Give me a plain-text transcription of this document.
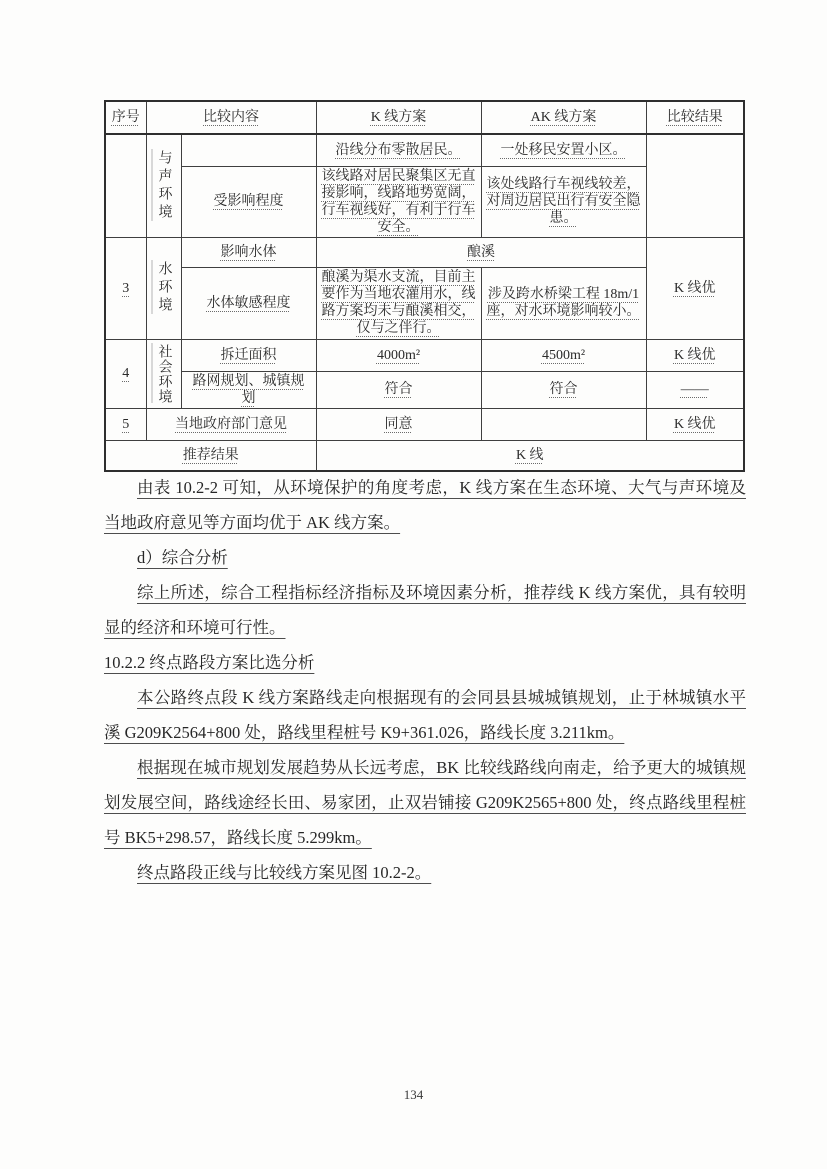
序号	比较内容		K 线方案	AK 线方案	比较结果

	与声环境		沿线分布零散居民。	一处移民安置小区。	
		受影响程度	该线路对居民聚集区无直接影响，线路地势宽阔，行车视线好，有利于行车安全。	该处线路行车视线较差，对周边居民出行有安全隐患。	
3	水环境	影响水体	酿溪		K 线优
		水体敏感程度	酿溪为渠水支流，目前主要作为当地农灌用水，线路方案均未与酿溪相交，仅与之伴行。	涉及跨水桥梁工程 18m/1 座，对水环境影响较小。	
4	社会环境	拆迁面积	4000m²	4500m²	K 线优
		路网规划、城镇规划	符合	符合	——
5	当地政府部门意见		同意		K 线优
推荐结果			K 线		

由表 10.2-2 可知，从环境保护的角度考虑，K 线方案在生态环境、大气与声环境及当地政府意见等方面均优于 AK 线方案。

d）综合分析

综上所述，综合工程指标经济指标及环境因素分析，推荐线 K 线方案优，具有较明显的经济和环境可行性。

10.2.2 终点路段方案比选分析

本公路终点段 K 线方案路线走向根据现有的会同县县城城镇规划，止于林城镇水平溪 G209K2564+800 处，路线里程桩号 K9+361.026，路线长度 3.211km。

根据现在城市规划发展趋势从长远考虑，BK 比较线路线向南走，给予更大的城镇规划发展空间，路线途经长田、易家团，止双岩铺接 G209K2565+800 处，终点路线里程桩号 BK5+298.57，路线长度 5.299km。

终点路段正线与比较线方案见图 10.2-2。

134
